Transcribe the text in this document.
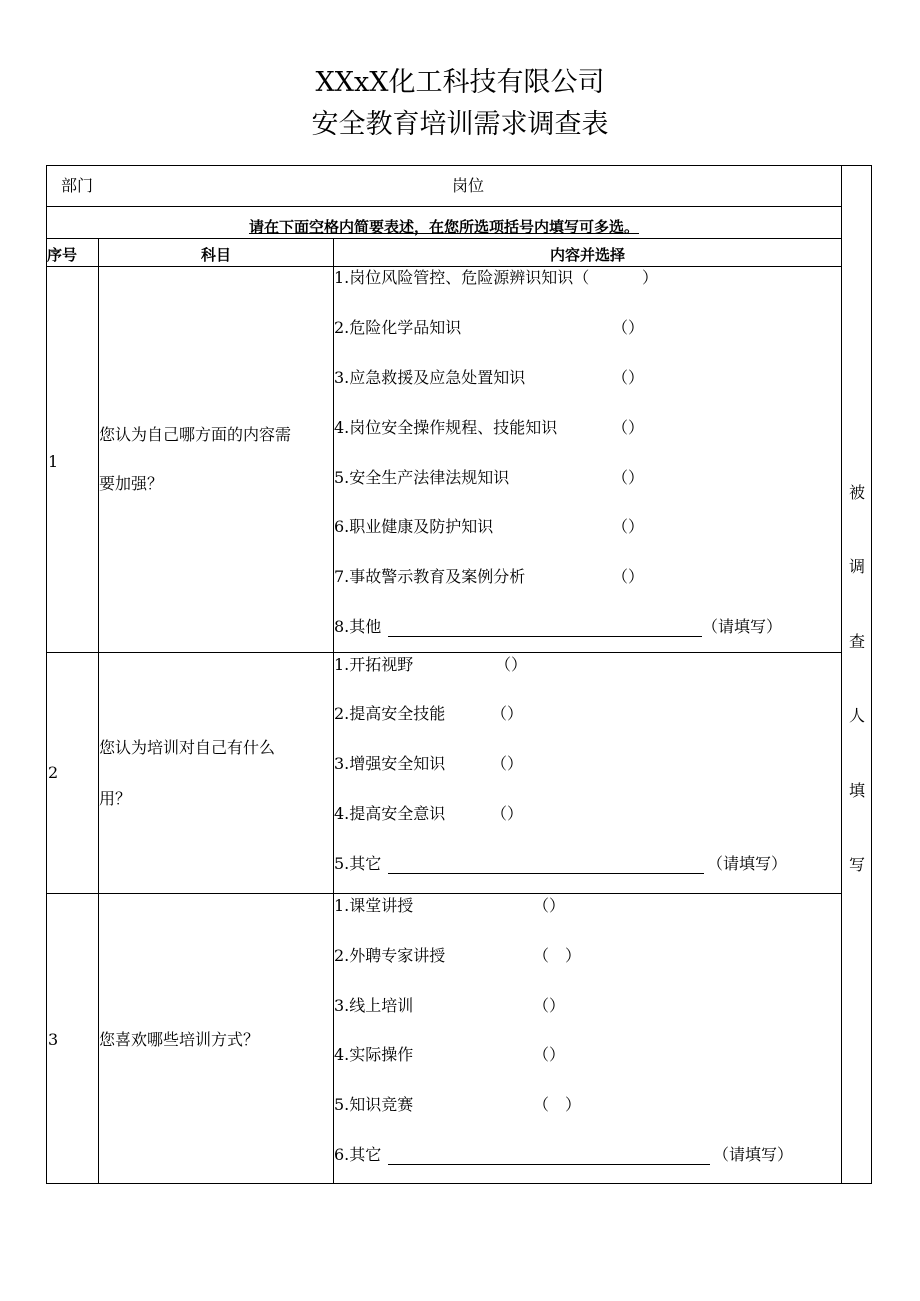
XXxX化工科技有限公司
安全教育培训需求调查表
部门	岗位
请在下面空格内简要表述，在您所选项括号内填写可多选。
序号	科目	内容并选择
1
您认为自己哪方面的内容需
要加强？
1.岗位风险管控、危险源辨识知识（	）
2.危险化学品知识	（）
3.应急救援及应急处置知识	（）
4.岗位安全操作规程、技能知识	（）
5.安全生产法律法规知识	（）
6.职业健康及防护知识	（）
7.事故警示教育及案例分析	（）
8.其他	（请填写）
2
您认为培训对自己有什么
用？
1.开拓视野	（）
2.提高安全技能	（）
3.增强安全知识	（）
4.提高安全意识	（）
5.其它	（请填写）
3	您喜欢哪些培训方式？
1.课堂讲授	（）
2.外聘专家讲授	（　）
3.线上培训	（）
4.实际操作	（）
5.知识竞赛	（　）
6.其它	（请填写）
被
调
查
人
填
写
